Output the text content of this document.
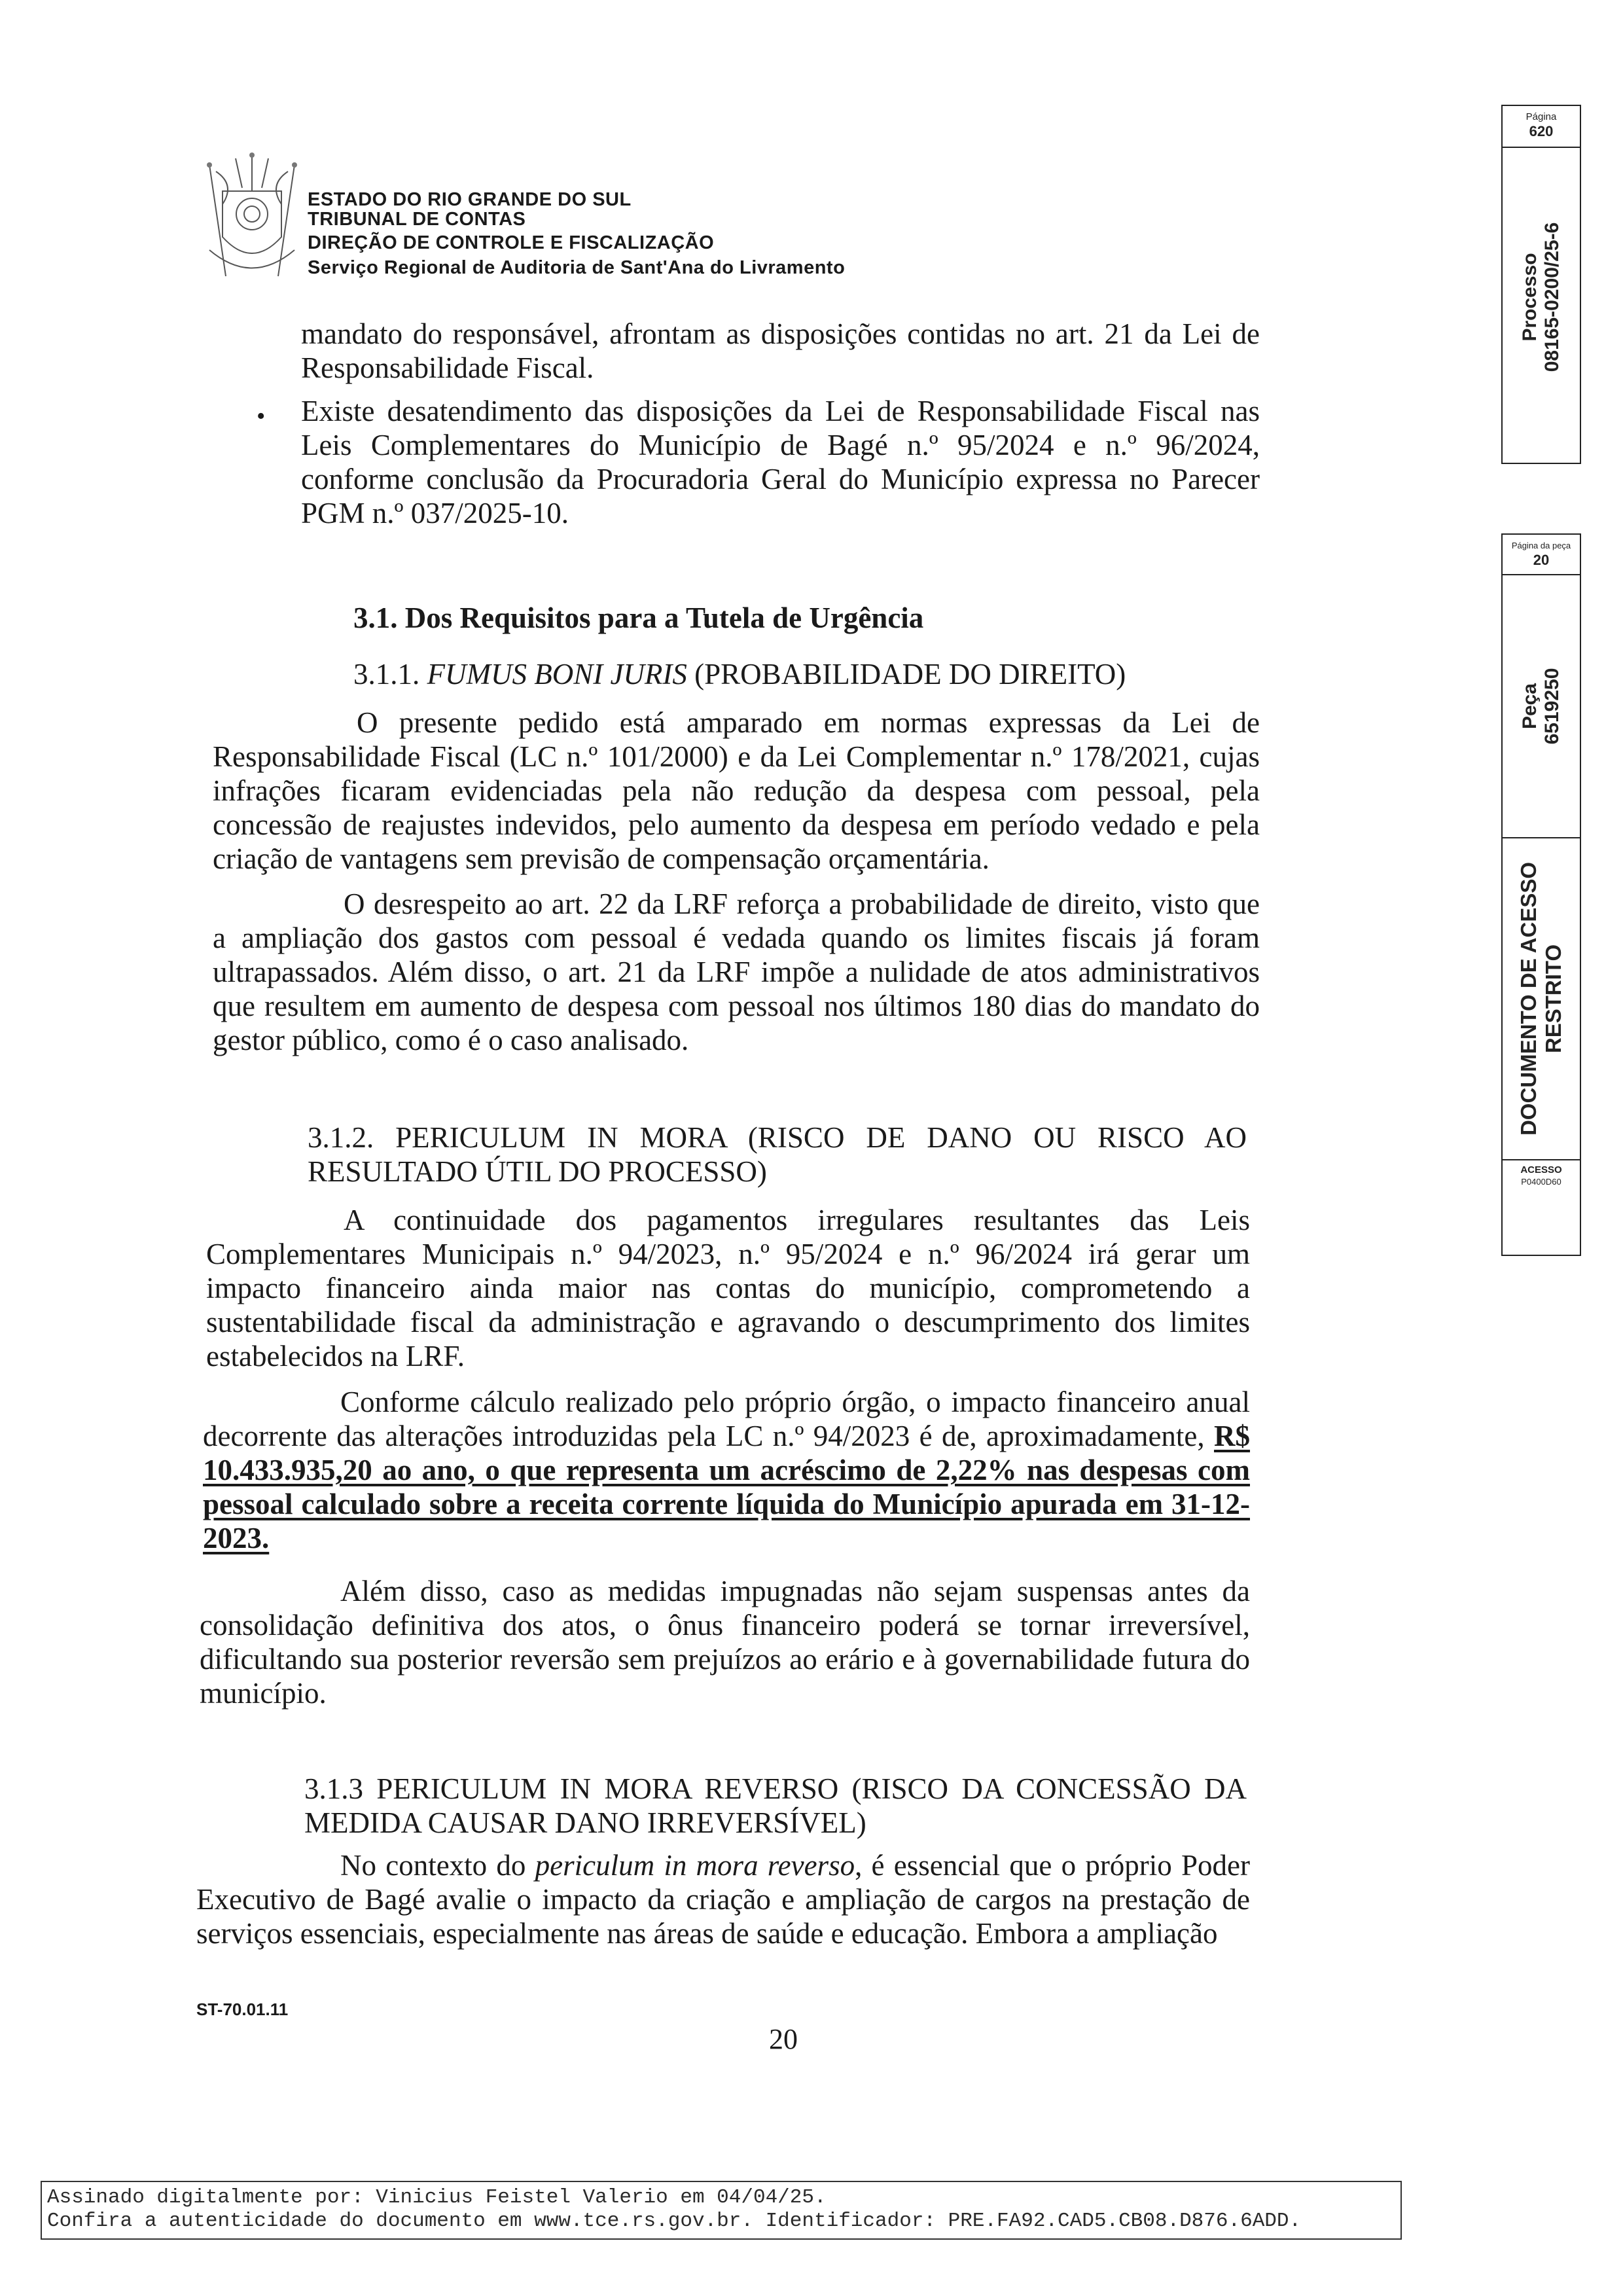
ESTADO DO RIO GRANDE DO SUL
TRIBUNAL DE CONTAS
DIREÇÃO DE CONTROLE E FISCALIZAÇÃO
Serviço Regional de Auditoria de Sant'Ana do Livramento
mandato do responsável, afrontam as disposições contidas no art. 21 da Lei de Responsabilidade Fiscal.
• Existe desatendimento das disposições da Lei de Responsabilidade Fiscal nas Leis Complementares do Município de Bagé n.º 95/2024 e n.º 96/2024, conforme conclusão da Procuradoria Geral do Município expressa no Parecer PGM n.º 037/2025-10.
3.1. Dos Requisitos para a Tutela de Urgência
3.1.1. FUMUS BONI JURIS (PROBABILIDADE DO DIREITO)
O presente pedido está amparado em normas expressas da Lei de Responsabilidade Fiscal (LC n.º 101/2000) e da Lei Complementar n.º 178/2021, cujas infrações ficaram evidenciadas pela não redução da despesa com pessoal, pela concessão de reajustes indevidos, pelo aumento da despesa em período vedado e pela criação de vantagens sem previsão de compensação orçamentária.
O desrespeito ao art. 22 da LRF reforça a probabilidade de direito, visto que a ampliação dos gastos com pessoal é vedada quando os limites fiscais já foram ultrapassados. Além disso, o art. 21 da LRF impõe a nulidade de atos administrativos que resultem em aumento de despesa com pessoal nos últimos 180 dias do mandato do gestor público, como é o caso analisado.
3.1.2. PERICULUM IN MORA (RISCO DE DANO OU RISCO AO RESULTADO ÚTIL DO PROCESSO)
A continuidade dos pagamentos irregulares resultantes das Leis Complementares Municipais n.º 94/2023, n.º 95/2024 e n.º 96/2024 irá gerar um impacto financeiro ainda maior nas contas do município, comprometendo a sustentabilidade fiscal da administração e agravando o descumprimento dos limites estabelecidos na LRF.
Conforme cálculo realizado pelo próprio órgão, o impacto financeiro anual decorrente das alterações introduzidas pela LC n.º 94/2023 é de, aproximadamente, R$ 10.433.935,20 ao ano, o que representa um acréscimo de 2,22% nas despesas com pessoal calculado sobre a receita corrente líquida do Município apurada em 31-12-2023.
Além disso, caso as medidas impugnadas não sejam suspensas antes da consolidação definitiva dos atos, o ônus financeiro poderá se tornar irreversível, dificultando sua posterior reversão sem prejuízos ao erário e à governabilidade futura do município.
3.1.3 PERICULUM IN MORA REVERSO (RISCO DA CONCESSÃO DA MEDIDA CAUSAR DANO IRREVERSÍVEL)
No contexto do periculum in mora reverso, é essencial que o próprio Poder Executivo de Bagé avalie o impacto da criação e ampliação de cargos na prestação de serviços essenciais, especialmente nas áreas de saúde e educação. Embora a ampliação
Página
620
Processo 08165-0200/25-6
Página da peça
20
Peça 6519250
DOCUMENTO DE ACESSO RESTRITO
ACESSO
P0400D60
ST-70.01.11
20
Assinado digitalmente por: Vinicius Feistel Valerio em 04/04/25.
Confira a autenticidade do documento em www.tce.rs.gov.br. Identificador: PRE.FA92.CAD5.CB08.D876.6ADD.
